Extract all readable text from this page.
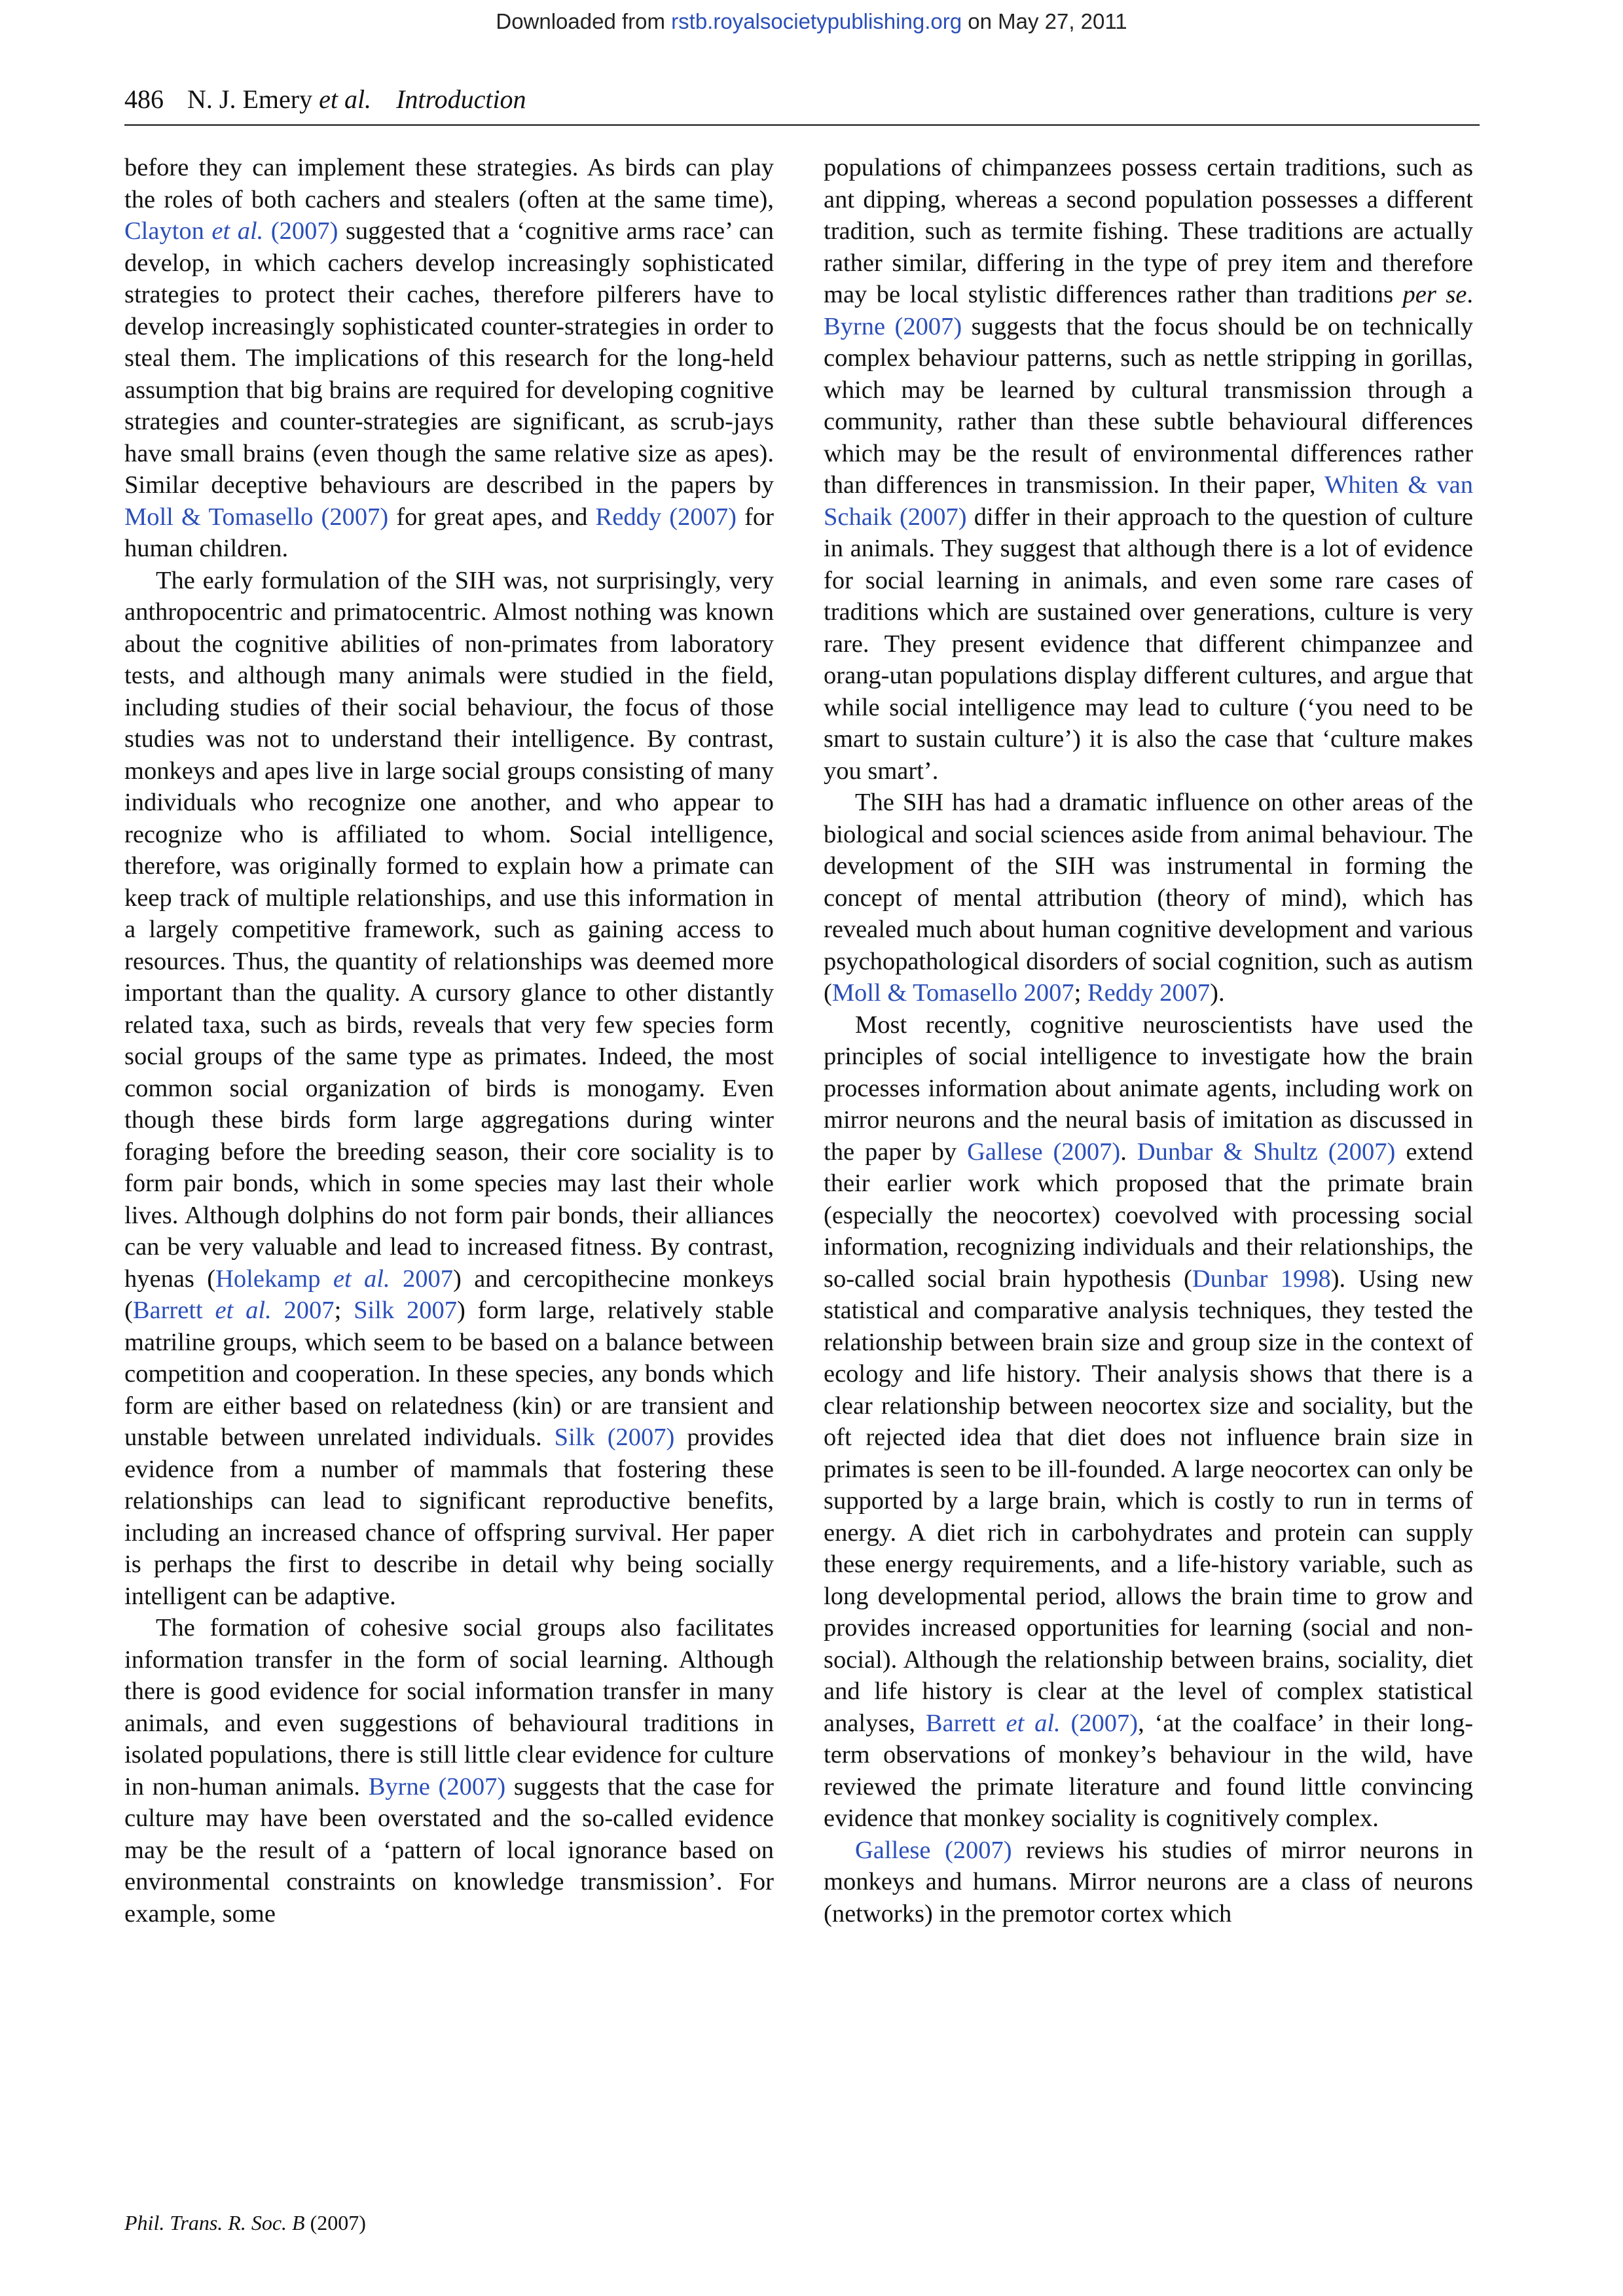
Downloaded from rstb.royalsocietypublishing.org on May 27, 2011
486 N. J. Emery et al. Introduction

before they can implement these strategies. As birds can play the roles of both cachers and stealers (often at the same time), Clayton et al. (2007) suggested that a ‘cognitive arms race’ can develop, in which cachers develop increasingly sophisticated strategies to protect their caches, therefore pilferers have to develop increasingly sophisticated counter-strategies in order to steal them. The implications of this research for the long-held assumption that big brains are required for developing cognitive strategies and counter-strategies are significant, as scrub-jays have small brains (even though the same relative size as apes). Similar deceptive behaviours are described in the papers by Moll & Tomasello (2007) for great apes, and Reddy (2007) for human children.

The early formulation of the SIH was, not surprisingly, very anthropocentric and primatocentric. Almost nothing was known about the cognitive abilities of non-primates from laboratory tests, and although many animals were studied in the field, including studies of their social behaviour, the focus of those studies was not to understand their intelligence. By contrast, monkeys and apes live in large social groups consisting of many individuals who recognize one another, and who appear to recognize who is affiliated to whom. Social intelligence, therefore, was originally formed to explain how a primate can keep track of multiple relationships, and use this information in a largely competitive framework, such as gaining access to resources. Thus, the quantity of relationships was deemed more important than the quality. A cursory glance to other distantly related taxa, such as birds, reveals that very few species form social groups of the same type as primates. Indeed, the most common social organization of birds is monogamy. Even though these birds form large aggregations during winter foraging before the breeding season, their core sociality is to form pair bonds, which in some species may last their whole lives. Although dolphins do not form pair bonds, their alliances can be very valuable and lead to increased fitness. By contrast, hyenas (Holekamp et al. 2007) and cercopithecine monkeys (Barrett et al. 2007; Silk 2007) form large, relatively stable matriline groups, which seem to be based on a balance between competition and cooperation. In these species, any bonds which form are either based on relatedness (kin) or are transient and unstable between unrelated individuals. Silk (2007) provides evidence from a number of mammals that fostering these relationships can lead to significant reproductive benefits, including an increased chance of offspring survival. Her paper is perhaps the first to describe in detail why being socially intelligent can be adaptive.

The formation of cohesive social groups also facilitates information transfer in the form of social learning. Although there is good evidence for social information transfer in many animals, and even suggestions of behavioural traditions in isolated populations, there is still little clear evidence for culture in non-human animals. Byrne (2007) suggests that the case for culture may have been overstated and the so-called evidence may be the result of a ‘pattern of local ignorance based on environmental constraints on knowledge transmission’. For example, some

populations of chimpanzees possess certain traditions, such as ant dipping, whereas a second population possesses a different tradition, such as termite fishing. These traditions are actually rather similar, differing in the type of prey item and therefore may be local stylistic differences rather than traditions per se. Byrne (2007) suggests that the focus should be on technically complex behaviour patterns, such as nettle stripping in gorillas, which may be learned by cultural transmission through a community, rather than these subtle behavioural differences which may be the result of environmental differences rather than differences in transmission. In their paper, Whiten & van Schaik (2007) differ in their approach to the question of culture in animals. They suggest that although there is a lot of evidence for social learning in animals, and even some rare cases of traditions which are sustained over generations, culture is very rare. They present evidence that different chimpanzee and orang-utan populations display different cultures, and argue that while social intelligence may lead to culture (‘you need to be smart to sustain culture’) it is also the case that ‘culture makes you smart’.

The SIH has had a dramatic influence on other areas of the biological and social sciences aside from animal behaviour. The development of the SIH was instrumental in forming the concept of mental attribution (theory of mind), which has revealed much about human cognitive development and various psychopathological disorders of social cognition, such as autism (Moll & Tomasello 2007; Reddy 2007).

Most recently, cognitive neuroscientists have used the principles of social intelligence to investigate how the brain processes information about animate agents, including work on mirror neurons and the neural basis of imitation as discussed in the paper by Gallese (2007). Dunbar & Shultz (2007) extend their earlier work which proposed that the primate brain (especially the neocortex) coevolved with processing social information, recognizing individuals and their relationships, the so-called social brain hypothesis (Dunbar 1998). Using new statistical and comparative analysis techniques, they tested the relationship between brain size and group size in the context of ecology and life history. Their analysis shows that there is a clear relationship between neocortex size and sociality, but the oft rejected idea that diet does not influence brain size in primates is seen to be ill-founded. A large neocortex can only be supported by a large brain, which is costly to run in terms of energy. A diet rich in carbohydrates and protein can supply these energy requirements, and a life-history variable, such as long developmental period, allows the brain time to grow and provides increased opportunities for learning (social and non-social). Although the relationship between brains, sociality, diet and life history is clear at the level of complex statistical analyses, Barrett et al. (2007), ‘at the coalface’ in their long-term observations of monkey’s behaviour in the wild, have reviewed the primate literature and found little convincing evidence that monkey sociality is cognitively complex.

Gallese (2007) reviews his studies of mirror neurons in monkeys and humans. Mirror neurons are a class of neurons (networks) in the premotor cortex which

Phil. Trans. R. Soc. B (2007)
